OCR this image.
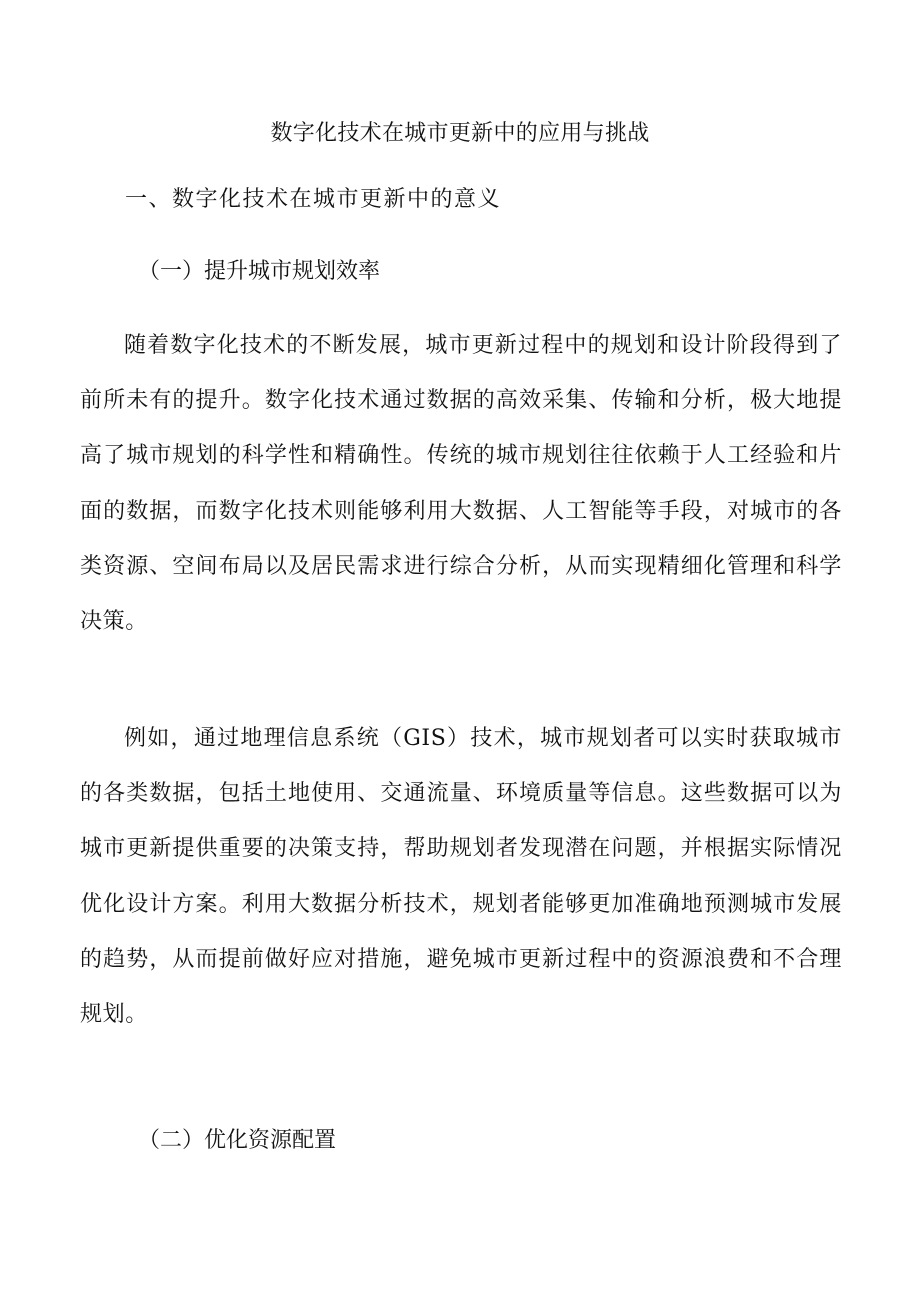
数字化技术在城市更新中的应用与挑战
一、数字化技术在城市更新中的意义
（一）提升城市规划效率

随着数字化技术的不断发展，城市更新过程中的规划和设计阶段得到了前所未有的提升。数字化技术通过数据的高效采集、传输和分析，极大地提高了城市规划的科学性和精确性。传统的城市规划往往依赖于人工经验和片面的数据，而数字化技术则能够利用大数据、人工智能等手段，对城市的各类资源、空间布局以及居民需求进行综合分析，从而实现精细化管理和科学决策。

例如，通过地理信息系统（GIS）技术，城市规划者可以实时获取城市的各类数据，包括土地使用、交通流量、环境质量等信息。这些数据可以为城市更新提供重要的决策支持，帮助规划者发现潜在问题，并根据实际情况优化设计方案。利用大数据分析技术，规划者能够更加准确地预测城市发展的趋势，从而提前做好应对措施，避免城市更新过程中的资源浪费和不合理规划。

（二）优化资源配置
